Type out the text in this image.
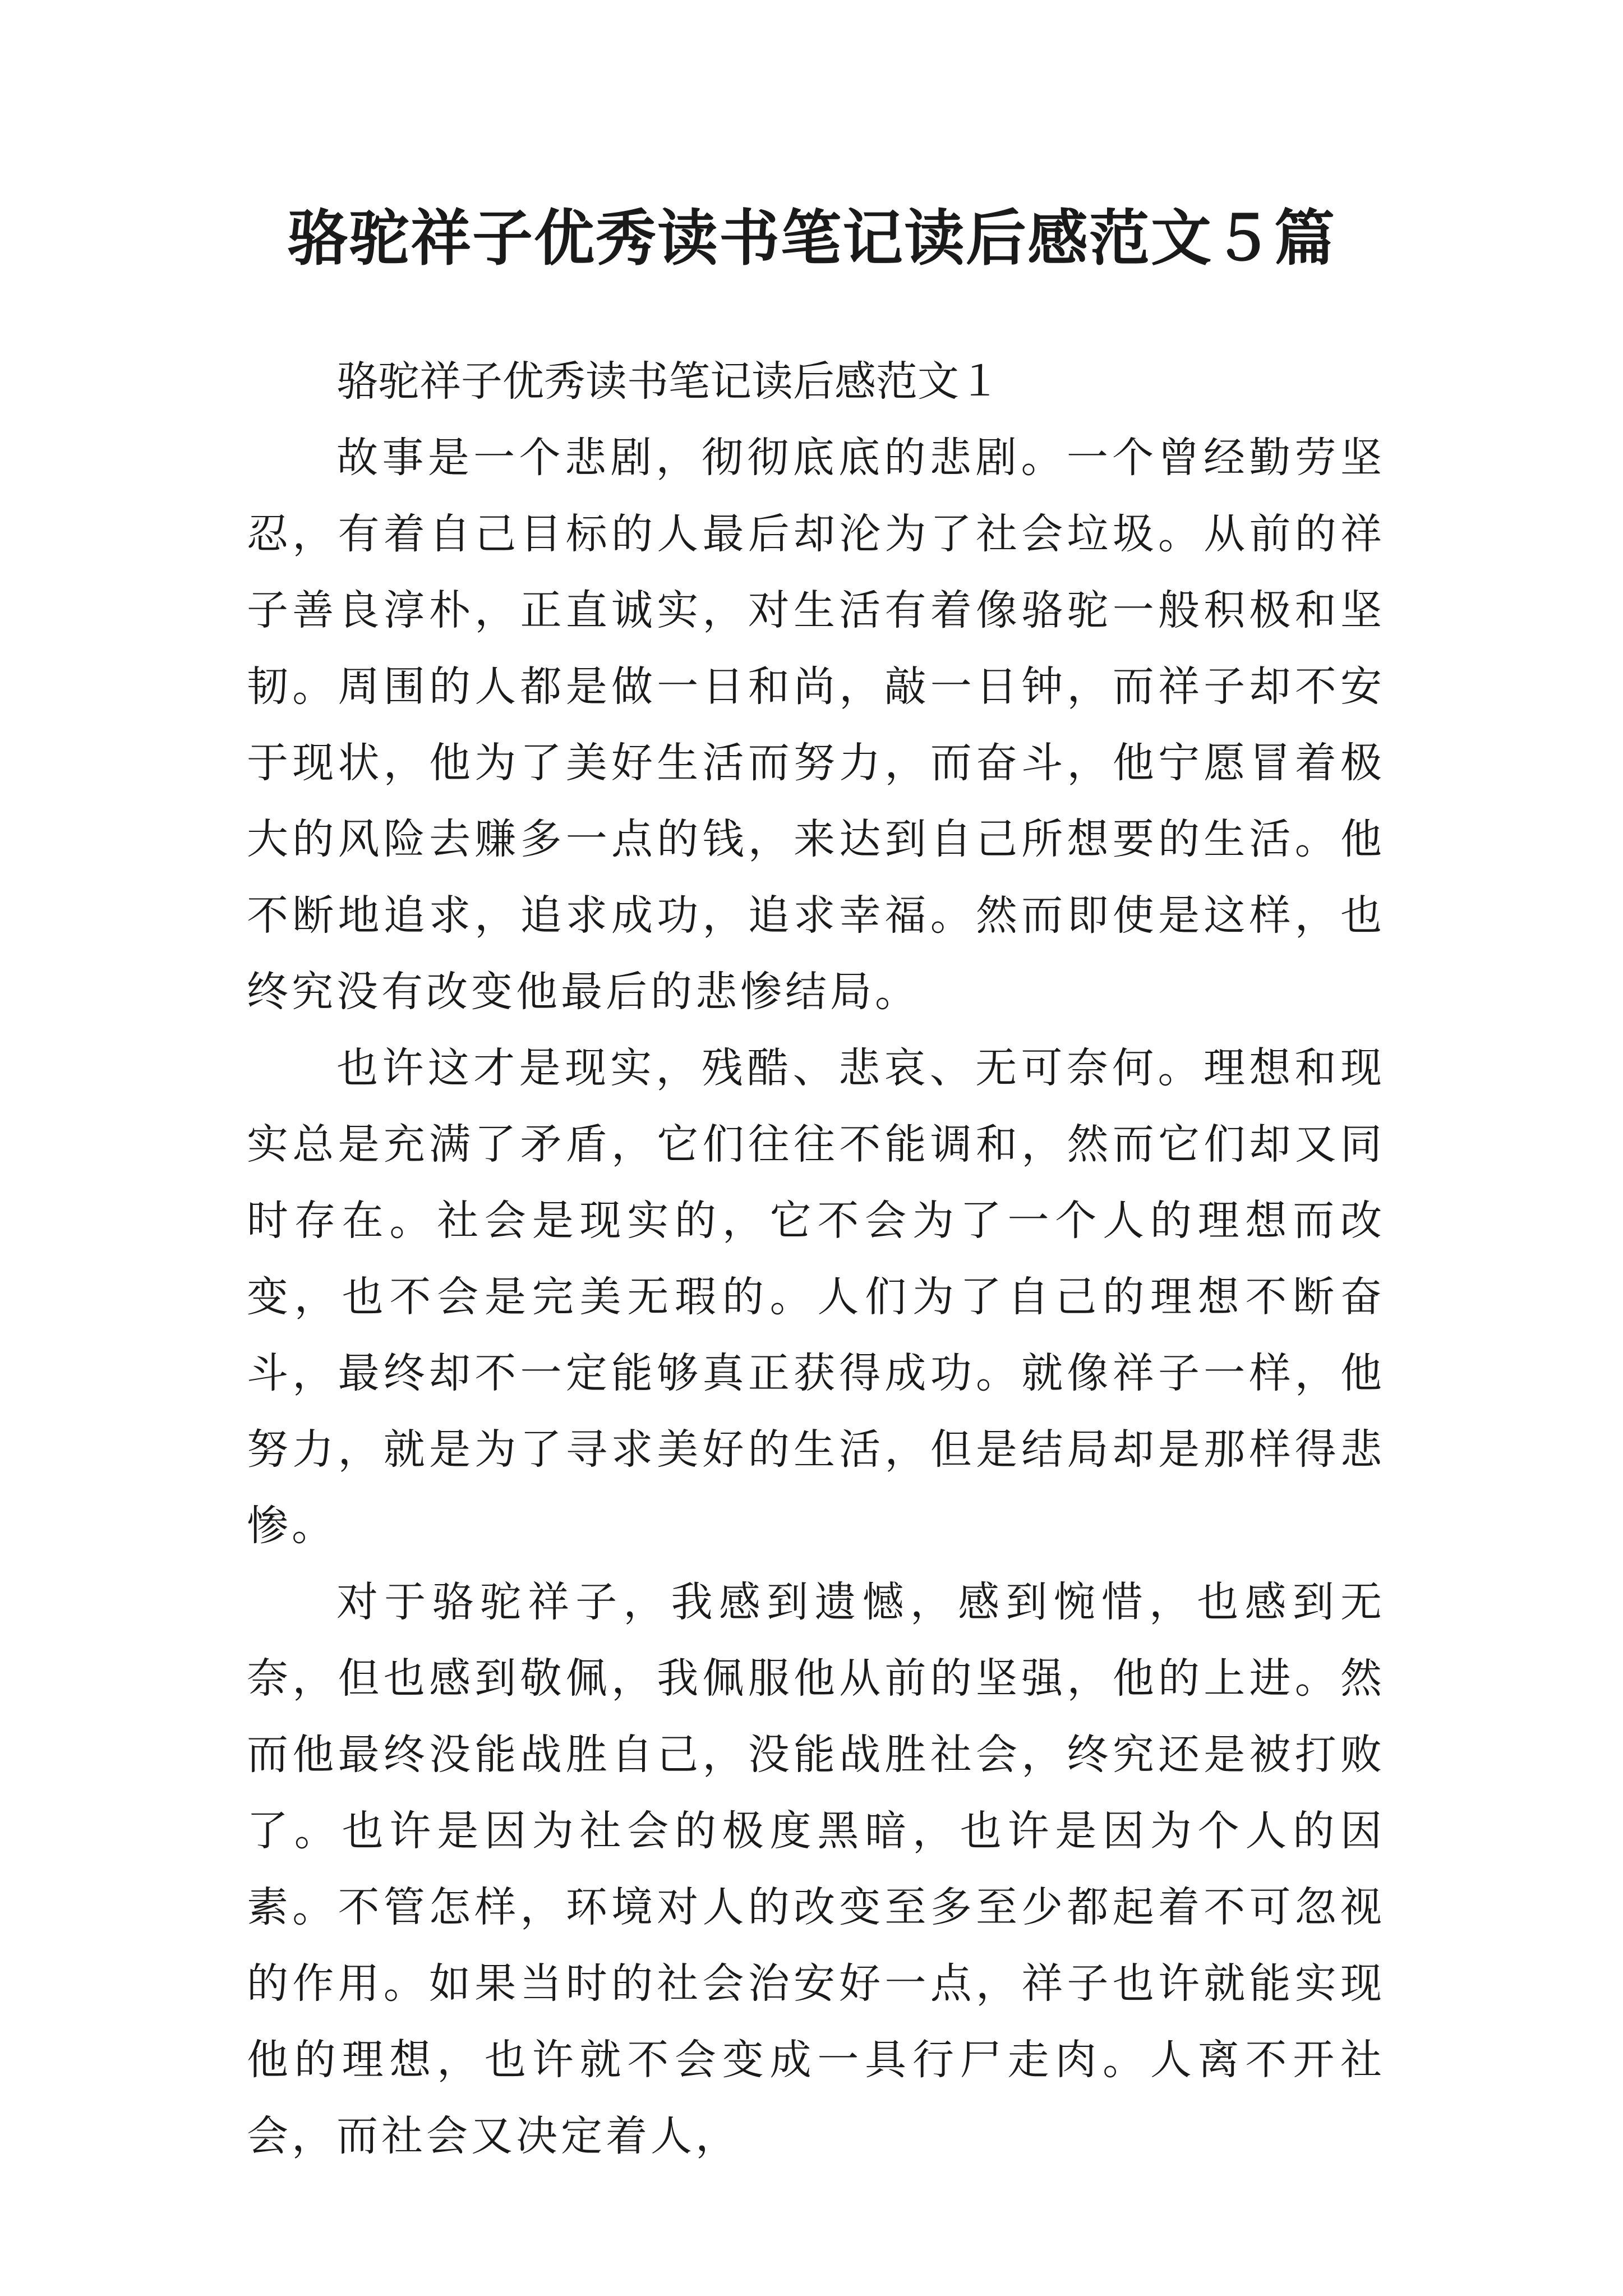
骆驼祥子优秀读书笔记读后感范文５篇

骆驼祥子优秀读书笔记读后感范文１

故事是一个悲剧，彻彻底底的悲剧。一个曾经勤劳坚忍，有着自己目标的人最后却沦为了社会垃圾。从前的祥子善良淳朴，正直诚实，对生活有着像骆驼一般积极和坚韧。周围的人都是做一日和尚，敲一日钟，而祥子却不安于现状，他为了美好生活而努力，而奋斗，他宁愿冒着极大的风险去赚多一点的钱，来达到自己所想要的生活。他不断地追求，追求成功，追求幸福。然而即使是这样，也终究没有改变他最后的悲惨结局。

也许这才是现实，残酷、悲哀、无可奈何。理想和现实总是充满了矛盾，它们往往不能调和，然而它们却又同时存在。社会是现实的，它不会为了一个人的理想而改变，也不会是完美无瑕的。人们为了自己的理想不断奋斗，最终却不一定能够真正获得成功。就像祥子一样，他努力，就是为了寻求美好的生活，但是结局却是那样得悲惨。

对于骆驼祥子，我感到遗憾，感到惋惜，也感到无奈，但也感到敬佩，我佩服他从前的坚强，他的上进。然而他最终没能战胜自己，没能战胜社会，终究还是被打败了。也许是因为社会的极度黑暗，也许是因为个人的因素。不管怎样，环境对人的改变至多至少都起着不可忽视的作用。如果当时的社会治安好一点，祥子也许就能实现他的理想，也许就不会变成一具行尸走肉。人离不开社会，而社会又决定着人，
